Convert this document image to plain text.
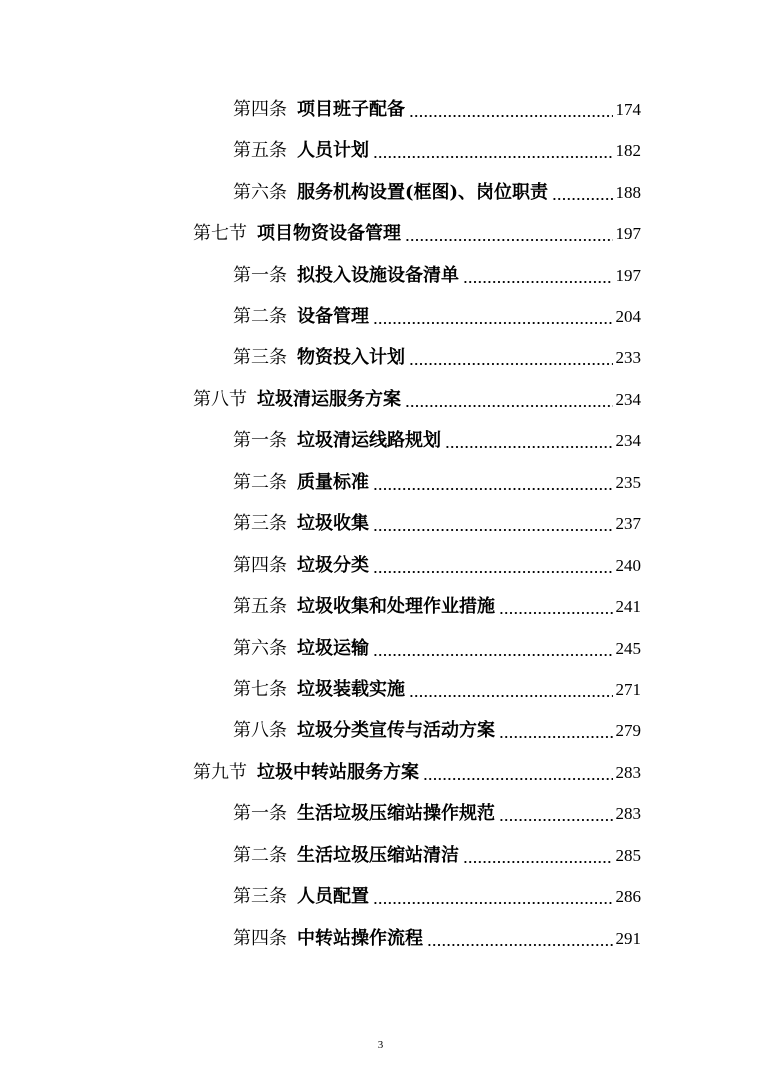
第四条 项目班子配备	174
第五条 人员计划	182
第六条 服务机构设置(框图)、岗位职责	188
第七节 项目物资设备管理	197
第一条 拟投入设施设备清单	197
第二条 设备管理	204
第三条 物资投入计划	233
第八节 垃圾清运服务方案	234
第一条 垃圾清运线路规划	234
第二条 质量标准	235
第三条 垃圾收集	237
第四条 垃圾分类	240
第五条 垃圾收集和处理作业措施	241
第六条 垃圾运输	245
第七条 垃圾装载实施	271
第八条 垃圾分类宣传与活动方案	279
第九节 垃圾中转站服务方案	283
第一条 生活垃圾压缩站操作规范	283
第二条 生活垃圾压缩站清洁	285
第三条 人员配置	286
第四条 中转站操作流程	291
3
